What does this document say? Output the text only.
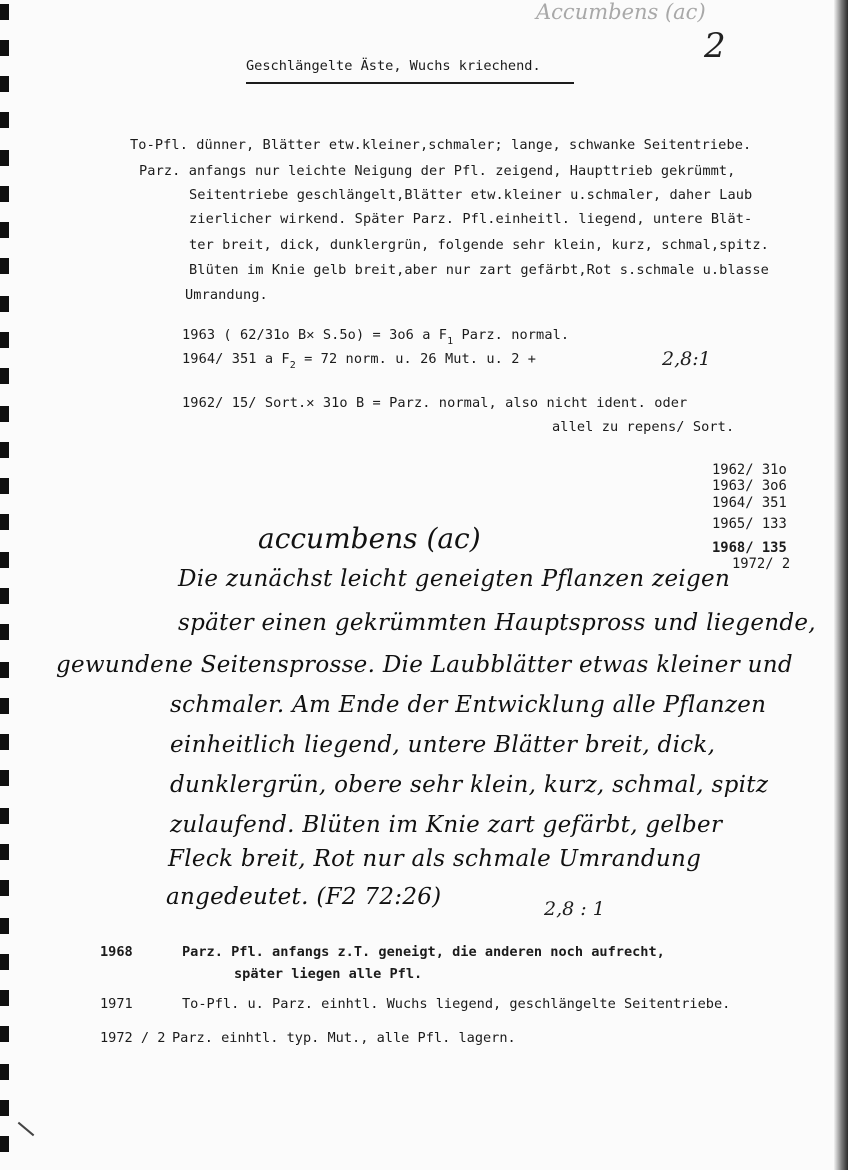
Accumbens (ac)
2
Geschlängelte Äste, Wuchs kriechend.
To-Pfl. dünner, Blätter etw.kleiner,schmaler; lange, schwanke Seitentriebe.
Parz. anfangs nur leichte Neigung der Pfl. zeigend, Haupttrieb gekrümmt,
Seitentriebe geschlängelt,Blätter etw.kleiner u.schmaler, daher Laub
zierlicher wirkend. Später Parz. Pfl.einheitl. liegend, untere Blät-
ter breit, dick, dunklergrün, folgende sehr klein, kurz, schmal,spitz.
Blüten im Knie gelb breit,aber nur zart gefärbt,Rot s.schmale u.blasse
Umrandung.
1963 ( 62/31o B✕ S.5o) = 3o6 a $F_1$ Parz. normal.
1964/ 351 a $F_2 = 72$ norm. u. 26 Mut. u. 2 +	2,8:1
1962/ 15/ Sort.✕ 31o B = Parz. normal, also nicht ident. oder
allel zu repens/ Sort.
1962/ 31o
1963/ 3o6
1964/ 351
1965/ 133
1968/ 135
1972/ 2
accumbens (ac)
Die zunächst leicht geneigten Pflanzen zeigen
später einen gekrümmten Hauptspross und liegende,
gewundene Seitensprosse. Die Laubblätter etwas kleiner und
schmaler. Am Ende der Entwicklung alle Pflanzen
einheitlich liegend, untere Blätter breit, dick,
dunklergrün, obere sehr klein, kurz, schmal, spitz
zulaufend. Blüten im Knie zart gefärbt, gelber
Fleck breit, Rot nur als schmale Umrandung
angedeutet. (F2 72:26)	2,8 : 1
1968	Parz. Pfl. anfangs z.T. geneigt, die anderen noch aufrecht,
später liegen alle Pfl.
1971	To-Pfl. u. Parz. einhtl. Wuchs liegend, geschlängelte Seitentriebe.
1972 / 2 Parz. einhtl. typ. Mut., alle Pfl. lagern.
